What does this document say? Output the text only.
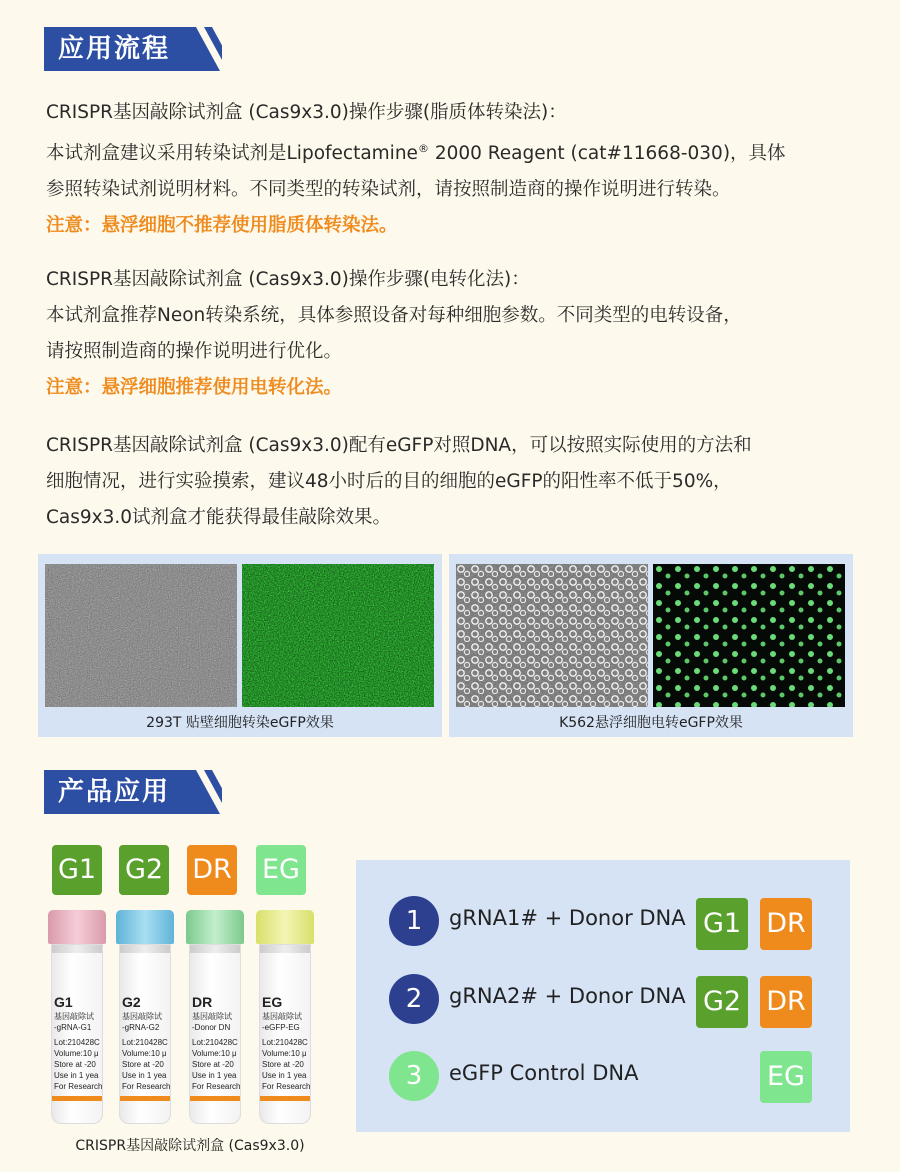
应用流程

CRISPR基因敲除试剂盒 (Cas9x3.0)操作步骤(脂质体转染法)：

本试剂盒建议采用转染试剂是Lipofectamine® 2000 Reagent (cat#11668-030)，具体

参照转染试剂说明材料。不同类型的转染试剂，请按照制造商的操作说明进行转染。

注意：悬浮细胞不推荐使用脂质体转染法。

CRISPR基因敲除试剂盒 (Cas9x3.0)操作步骤(电转化法)：

本试剂盒推荐Neon转染系统，具体参照设备对每种细胞参数。不同类型的电转设备，

请按照制造商的操作说明进行优化。

注意：悬浮细胞推荐使用电转化法。

CRISPR基因敲除试剂盒 (Cas9x3.0)配有eGFP对照DNA，可以按照实际使用的方法和

细胞情况，进行实验摸索，建议48小时后的目的细胞的eGFP的阳性率不低于50%，

Cas9x3.0试剂盒才能获得最佳敲除效果。

293T 贴壁细胞转染eGFP效果	K562悬浮细胞电转eGFP效果
产品应用
G1 G2 DR EG
G1
基因敲除试
-gRNA-G1
Lot:210428C
Volume:10 μ
Store at -20
Use in 1 yea
For Research
G2
基因敲除试
-gRNA-G2
Lot:210428C
Volume:10 μ
Store at -20
Use in 1 yea
For Research
DR
基因敲除试
-Donor DN
Lot:210428C
Volume:10 μ
Store at -20
Use in 1 yea
For Research
EG
基因敲除试
-eGFP-EG
Lot:210428C
Volume:10 μ
Store at -20
Use in 1 yea
For Research
CRISPR基因敲除试剂盒 (Cas9x3.0)
1	gRNA1# + Donor DNA G1 DR
2	gRNA2# + Donor DNA G2 DR
3	eGFP Control DNA	EG
